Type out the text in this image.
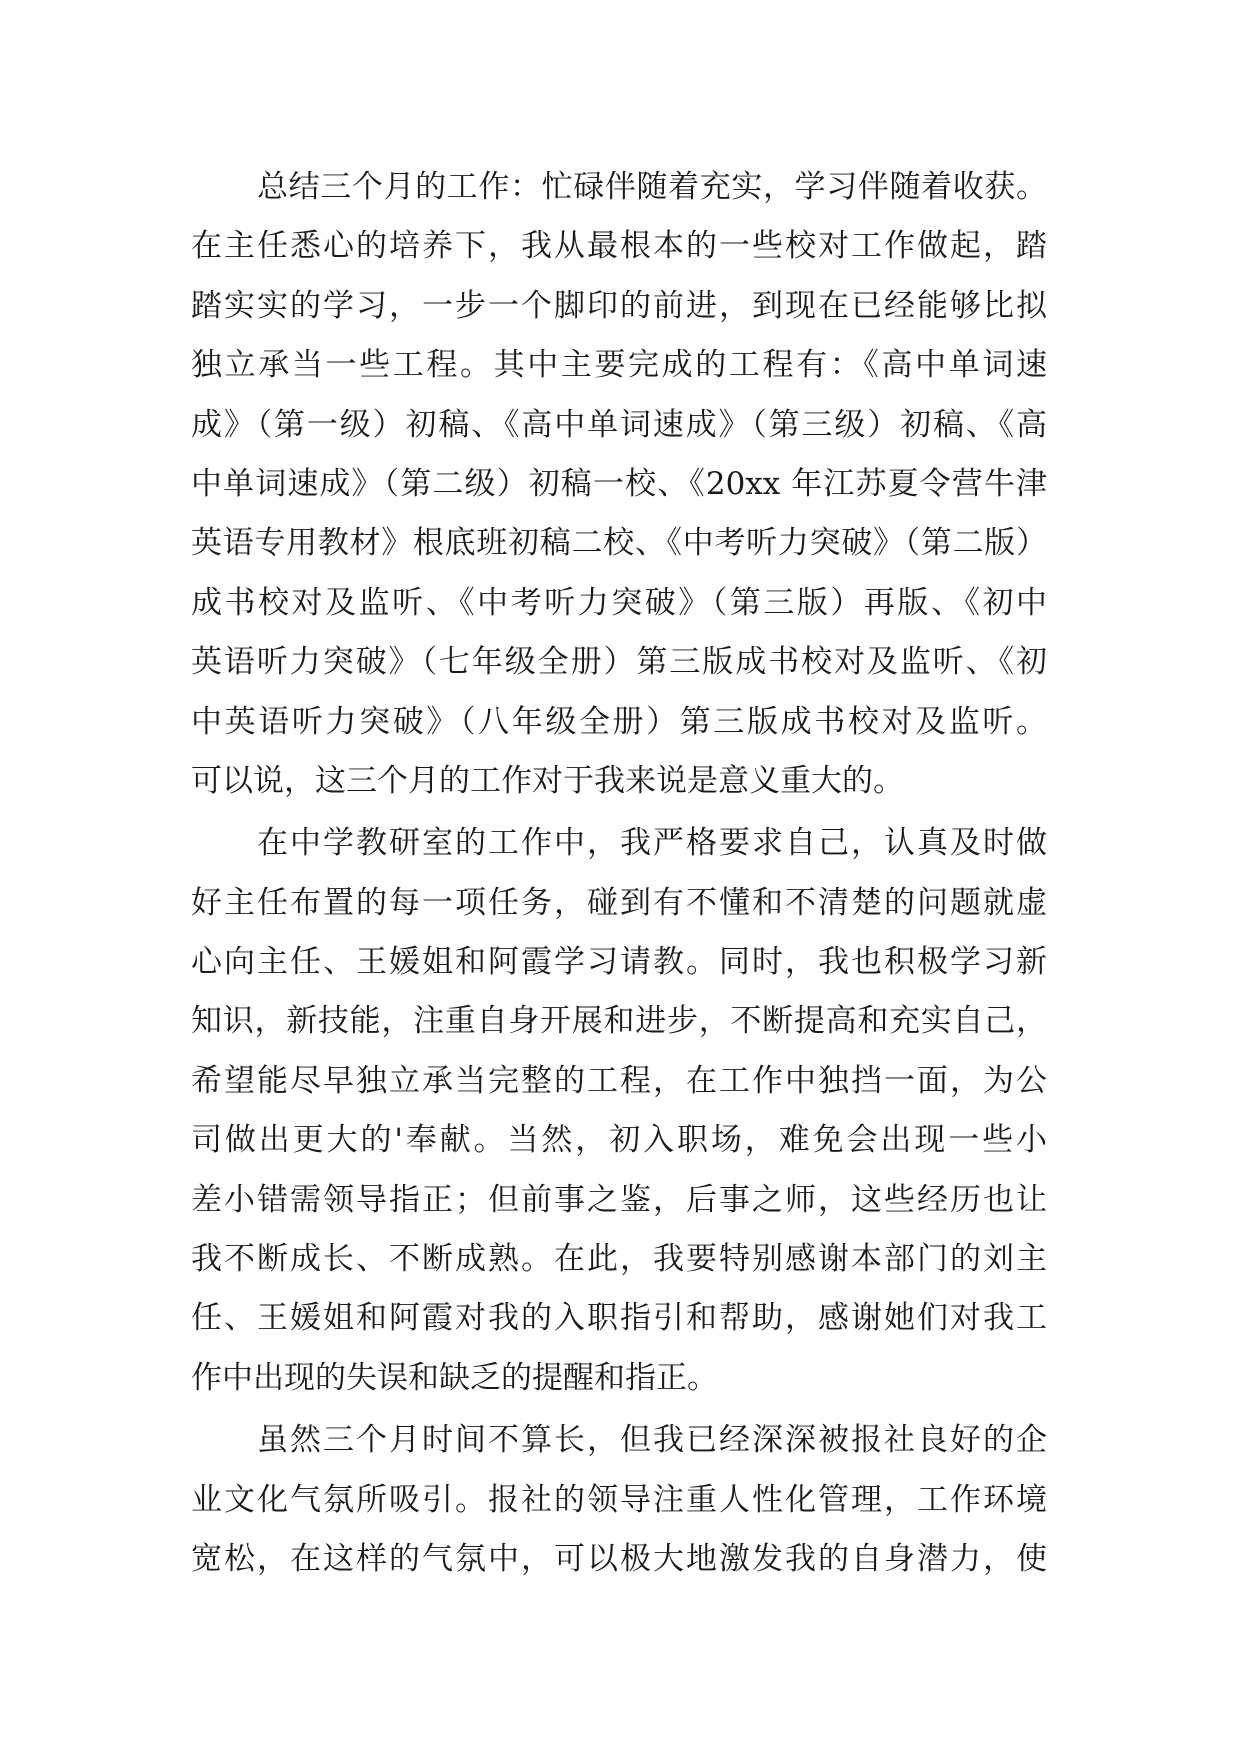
总结三个月的工作：忙碌伴随着充实，学习伴随着收获。
在主任悉心的培养下，我从最根本的一些校对工作做起，踏
踏实实的学习，一步一个脚印的前进，到现在已经能够比拟
独立承当一些工程。其中主要完成的工程有：《高中单词速
成》（第一级）初稿、《高中单词速成》（第三级）初稿、《高
中单词速成》（第二级）初稿一校、《20xx 年江苏夏令营牛津
英语专用教材》根底班初稿二校、《中考听力突破》（第二版）
成书校对及监听、《中考听力突破》（第三版）再版、《初中
英语听力突破》（七年级全册）第三版成书校对及监听、《初
中英语听力突破》（八年级全册）第三版成书校对及监听。
可以说，这三个月的工作对于我来说是意义重大的。
在中学教研室的工作中，我严格要求自己，认真及时做
好主任布置的每一项任务，碰到有不懂和不清楚的问题就虚
心向主任、王媛姐和阿霞学习请教。同时，我也积极学习新
知识，新技能，注重自身开展和进步，不断提高和充实自己，
希望能尽早独立承当完整的工程，在工作中独挡一面，为公
司做出更大的'奉献。当然，初入职场，难免会出现一些小
差小错需领导指正；但前事之鉴，后事之师，这些经历也让
我不断成长、不断成熟。在此，我要特别感谢本部门的刘主
任、王媛姐和阿霞对我的入职指引和帮助，感谢她们对我工
作中出现的失误和缺乏的提醒和指正。
虽然三个月时间不算长，但我已经深深被报社良好的企
业文化气氛所吸引。报社的领导注重人性化管理，工作环境
宽松，在这样的气氛中，可以极大地激发我的自身潜力，使
